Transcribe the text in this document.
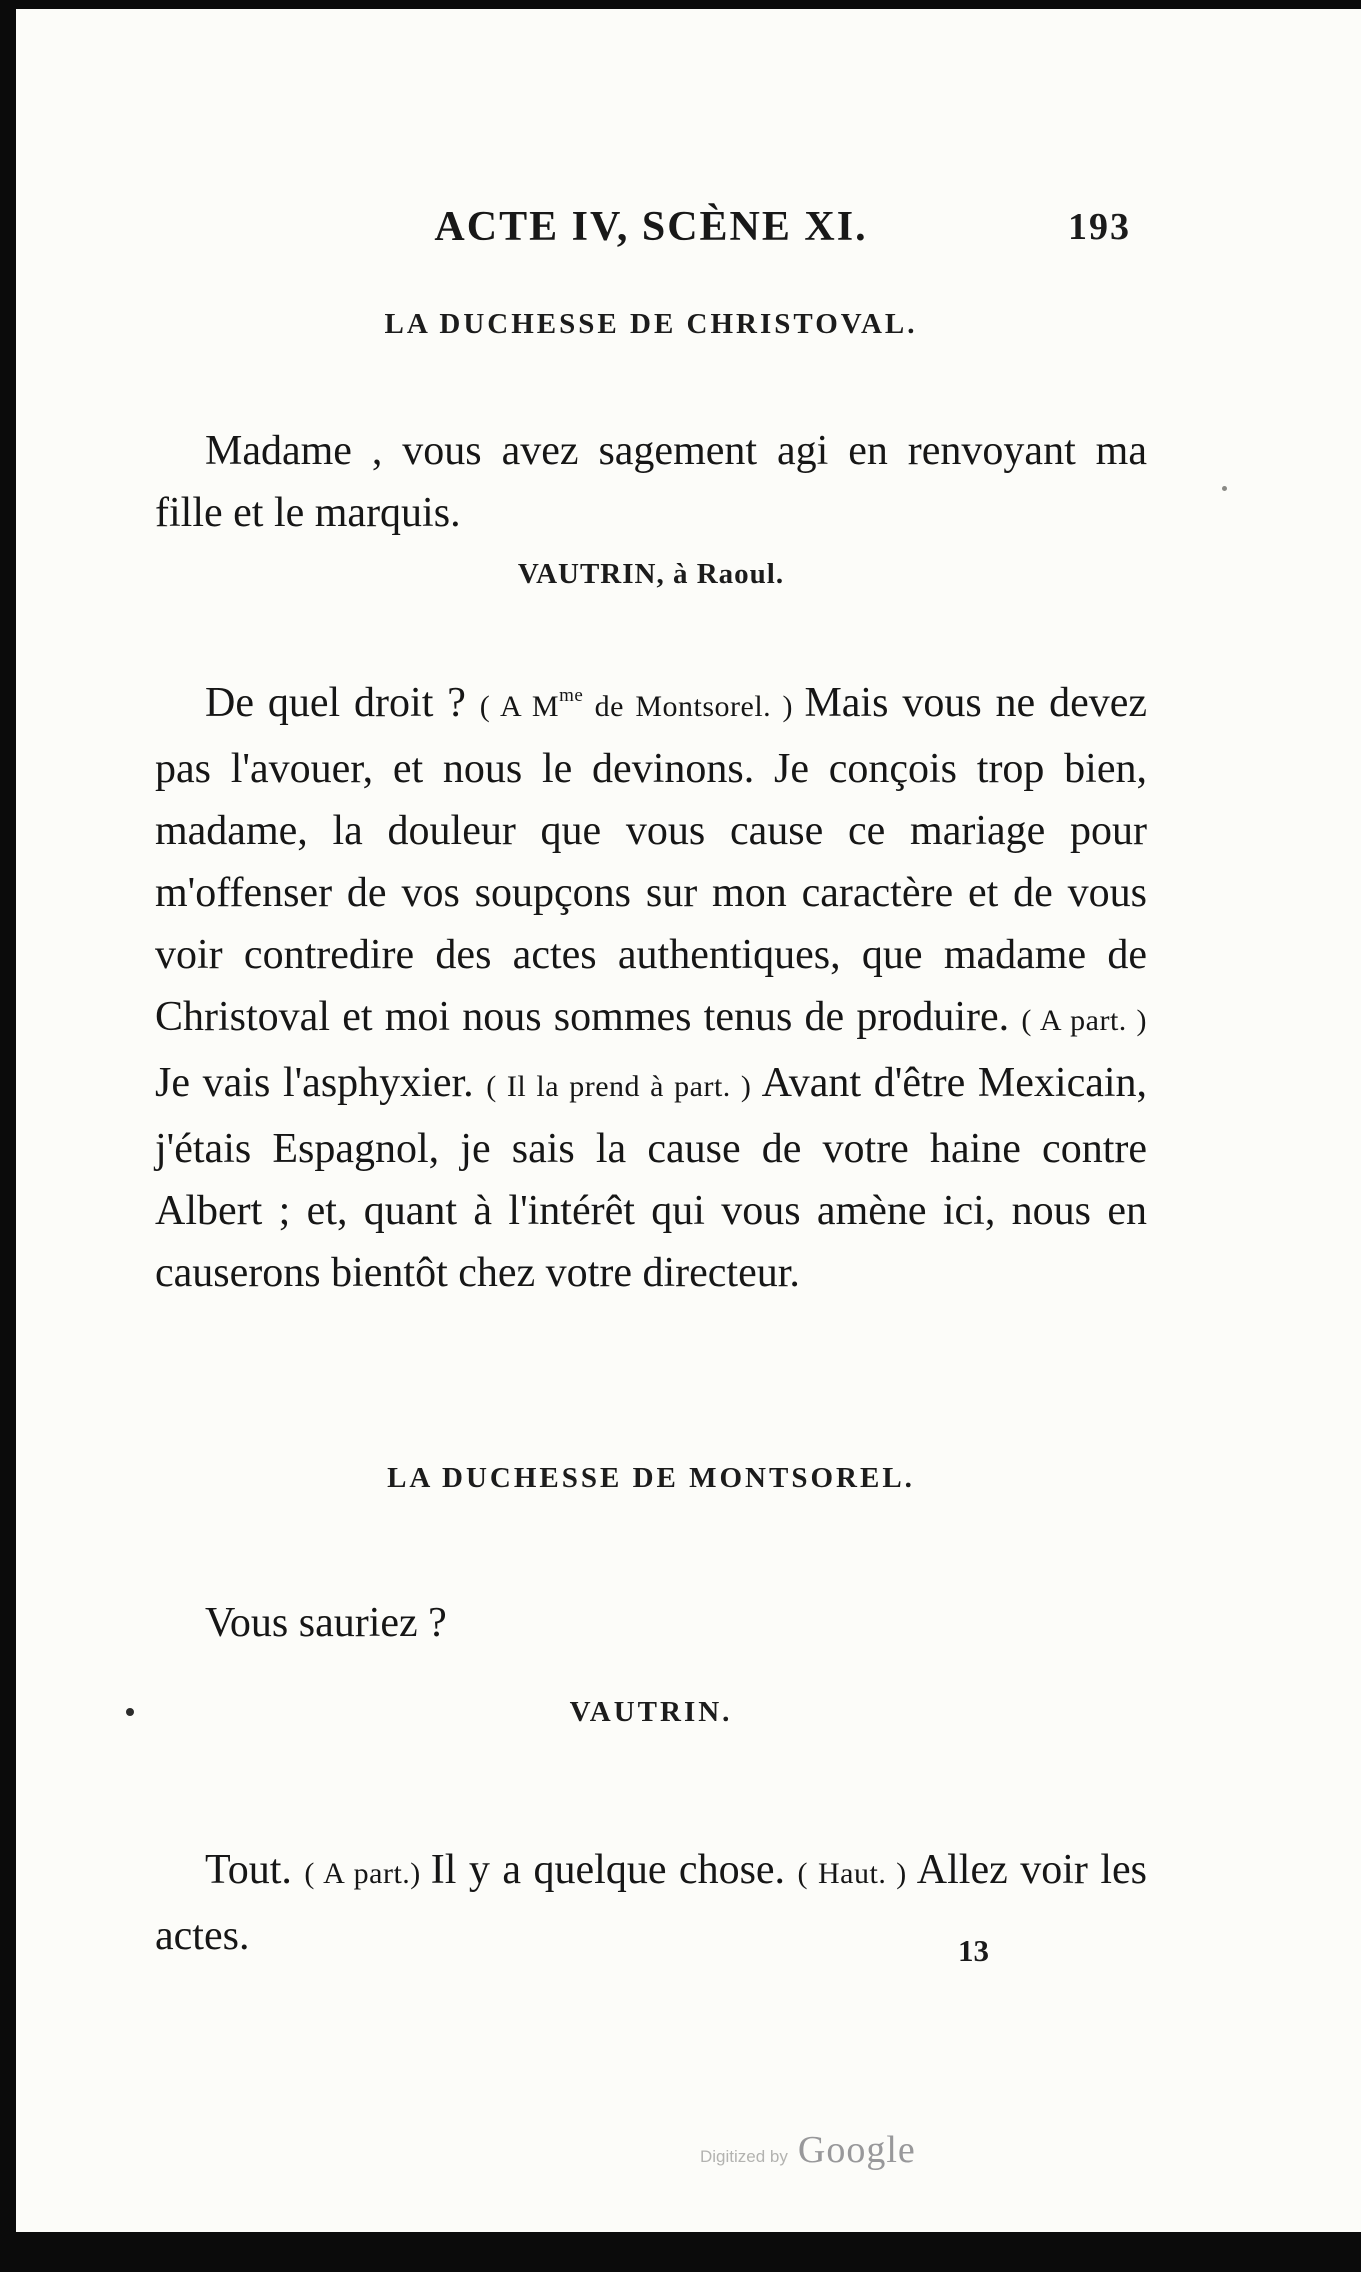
ACTE IV, SCÈNE XI.	193
LA DUCHESSE DE CHRISTOVAL.

Madame , vous avez sagement agi en renvoyant ma fille et le marquis.

VAUTRIN, à Raoul.

De quel droit ? ( A $M^{me}$ de Montsorel. ) Mais vous ne devez pas l'avouer, et nous le devinons. Je conçois trop bien, madame, la douleur que vous cause ce mariage pour m'offenser de vos soupçons sur mon caractère et de vous voir contredire des actes authentiques, que madame de Christoval et moi nous sommes tenus de produire. ( A part. ) Je vais l'asphyxier. ( Il la prend à part. ) Avant d'être Mexicain, j'étais Espagnol, je sais la cause de votre haine contre Albert ; et, quant à l'intérêt qui vous amène ici, nous en causerons bientôt chez votre directeur.

LA DUCHESSE DE MONTSOREL.

Vous sauriez ?

VAUTRIN.

Tout. ( A part.) Il y a quelque chose. ( Haut. ) Allez voir les actes.	13
Digitized by Google
